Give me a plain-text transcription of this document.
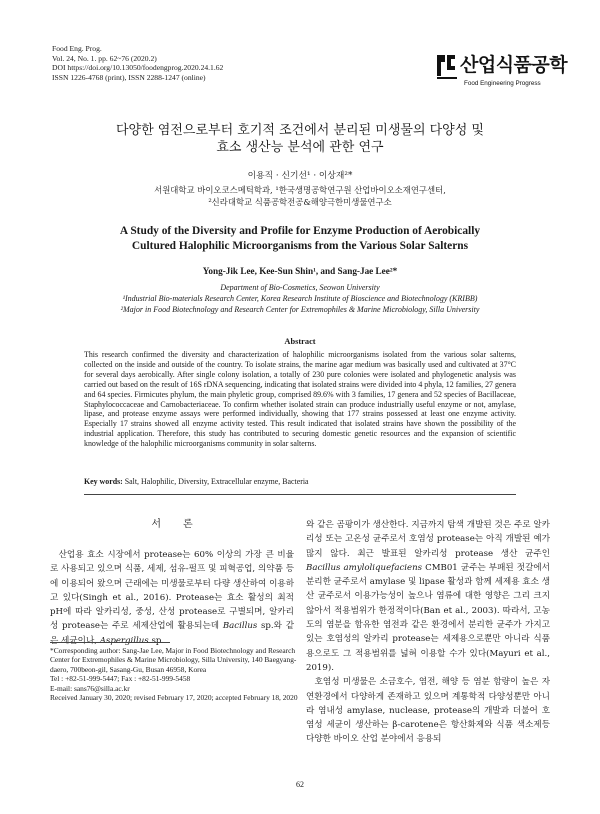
Food Eng. Prog.
Vol. 24, No. 1. pp. 62~76 (2020.2)
DOI https://doi.org/10.13050/foodengprog.2020.24.1.62
ISSN 1226-4768 (print), ISSN 2288-1247 (online)
산업식품공학
Food Engineering Progress
다양한 염전으로부터 호기적 조건에서 분리된 미생물의 다양성 및
효소 생산능 분석에 관한 연구
이용직 · 신기선¹ · 이상재²*
서원대학교 바이오코스메틱학과, ¹한국생명공학연구원 산업바이오소재연구센터,
²신라대학교 식품공학전공&해양극한미생물연구소
A Study of the Diversity and Profile for Enzyme Production of Aerobically
Cultured Halophilic Microorganisms from the Various Solar Salterns
Yong-Jik Lee, Kee-Sun Shin¹, and Sang-Jae Lee²*
Department of Bio-Cosmetics, Seowon University
¹Industrial Bio-materials Research Center, Korea Research Institute of Bioscience and Biotechnology (KRIBB)
²Major in Food Biotechnology and Research Center for Extremophiles & Marine Microbiology, Silla University
Abstract
This research confirmed the diversity and characterization of halophilic microorganisms isolated from the various solar salterns, collected on the inside and outside of the country. To isolate strains, the marine agar medium was basically used and cultivated at 37°C for several days aerobically. After single colony isolation, a totally of 230 pure colonies were isolated and phylogenetic analysis was carried out based on the result of 16S rDNA sequencing, indicating that isolated strains were divided into 4 phyla, 12 families, 27 genera and 64 species. Firmicutes phylum, the main phyletic group, comprised 89.6% with 3 families, 17 genera and 52 species of Bacillaceae, Staphylococcaceae and Carnobacteriaceae. To confirm whether isolated strain can produce industrially useful enzyme or not, amylase, lipase, and protease enzyme assays were performed individually, showing that 177 strains possessed at least one enzyme activity. Especially 17 strains showed all enzyme activity tested. This result indicated that isolated strains have shown the possibility of the industrial application. Therefore, this study has contributed to securing domestic genetic resources and the expansion of scientific knowledge of the halophilic microorganisms community in solar salterns.
Key words: Salt, Halophilic, Diversity, Extracellular enzyme, Bacteria
서론

 산업용 효소 시장에서 protease는 60% 이상의 가장 큰 비율로 사용되고 있으며 식품, 세제, 섬유-펄프 및 피혁공업, 의약품 등에 이용되어 왔으며 근래에는 미생물로부터 다량 생산하여 이용하고 있다(Singh et al., 2016). Protease는 효소 활성의 최적 pH에 따라 알카리성, 중성, 산성 protease로 구별되며, 알카리성 protease는 주로 세제산업에 활용되는데 Bacillus sp.와 같은 세균이나, Aspergillus sp.

와 같은 곰팡이가 생산한다. 지금까지 탐색 개발된 것은 주로 알카리성 또는 고온성 균주로서 호염성 protease는 아직 개발된 예가 많지 않다. 최근 발표된 알카리성 protease 생산 균주인 Bacillus amyloliquefaciens CMB01 균주는 부패된 젓갈에서 분리한 균주로서 amylase 및 lipase 활성과 함께 세제용 효소 생산 균주로서 이용가능성이 높으나 염류에 대한 영향은 그리 크지 않아서 적용범위가 한정적이다(Ban et al., 2003). 따라서, 고농도의 염분을 함유한 염전과 같은 환경에서 분리한 균주가 가지고 있는 호염성의 알카리 protease는 세제용으로뿐만 아니라 식품용으로도 그 적용범위를 넓혀 이용할 수가 있다(Mayuri et al., 2019).

 호염성 미생물은 소금호수, 염전, 해양 등 염분 함량이 높은 자연환경에서 다양하게 존재하고 있으며 계통학적 다양성뿐만 아니라 염내성 amylase, nuclease, protease의 개발과 더불어 호염성 세균이 생산하는 β-carotene은 항산화제와 식품 색소제등 다양한 바이오 산업 분야에서 응용되

*Corresponding author: Sang-Jae Lee, Major in Food Biotechnology and Research Center for Extremophiles & Marine Microbiology, Silla University, 140 Baegyang-daero, 700beon-gil, Sasang-Gu, Busan 46958, Korea
Tel : +82-51-999-5447; Fax : +82-51-999-5458
E-mail: sans76@silla.ac.kr
Received January 30, 2020; revised February 17, 2020; accepted February 18, 2020
62
